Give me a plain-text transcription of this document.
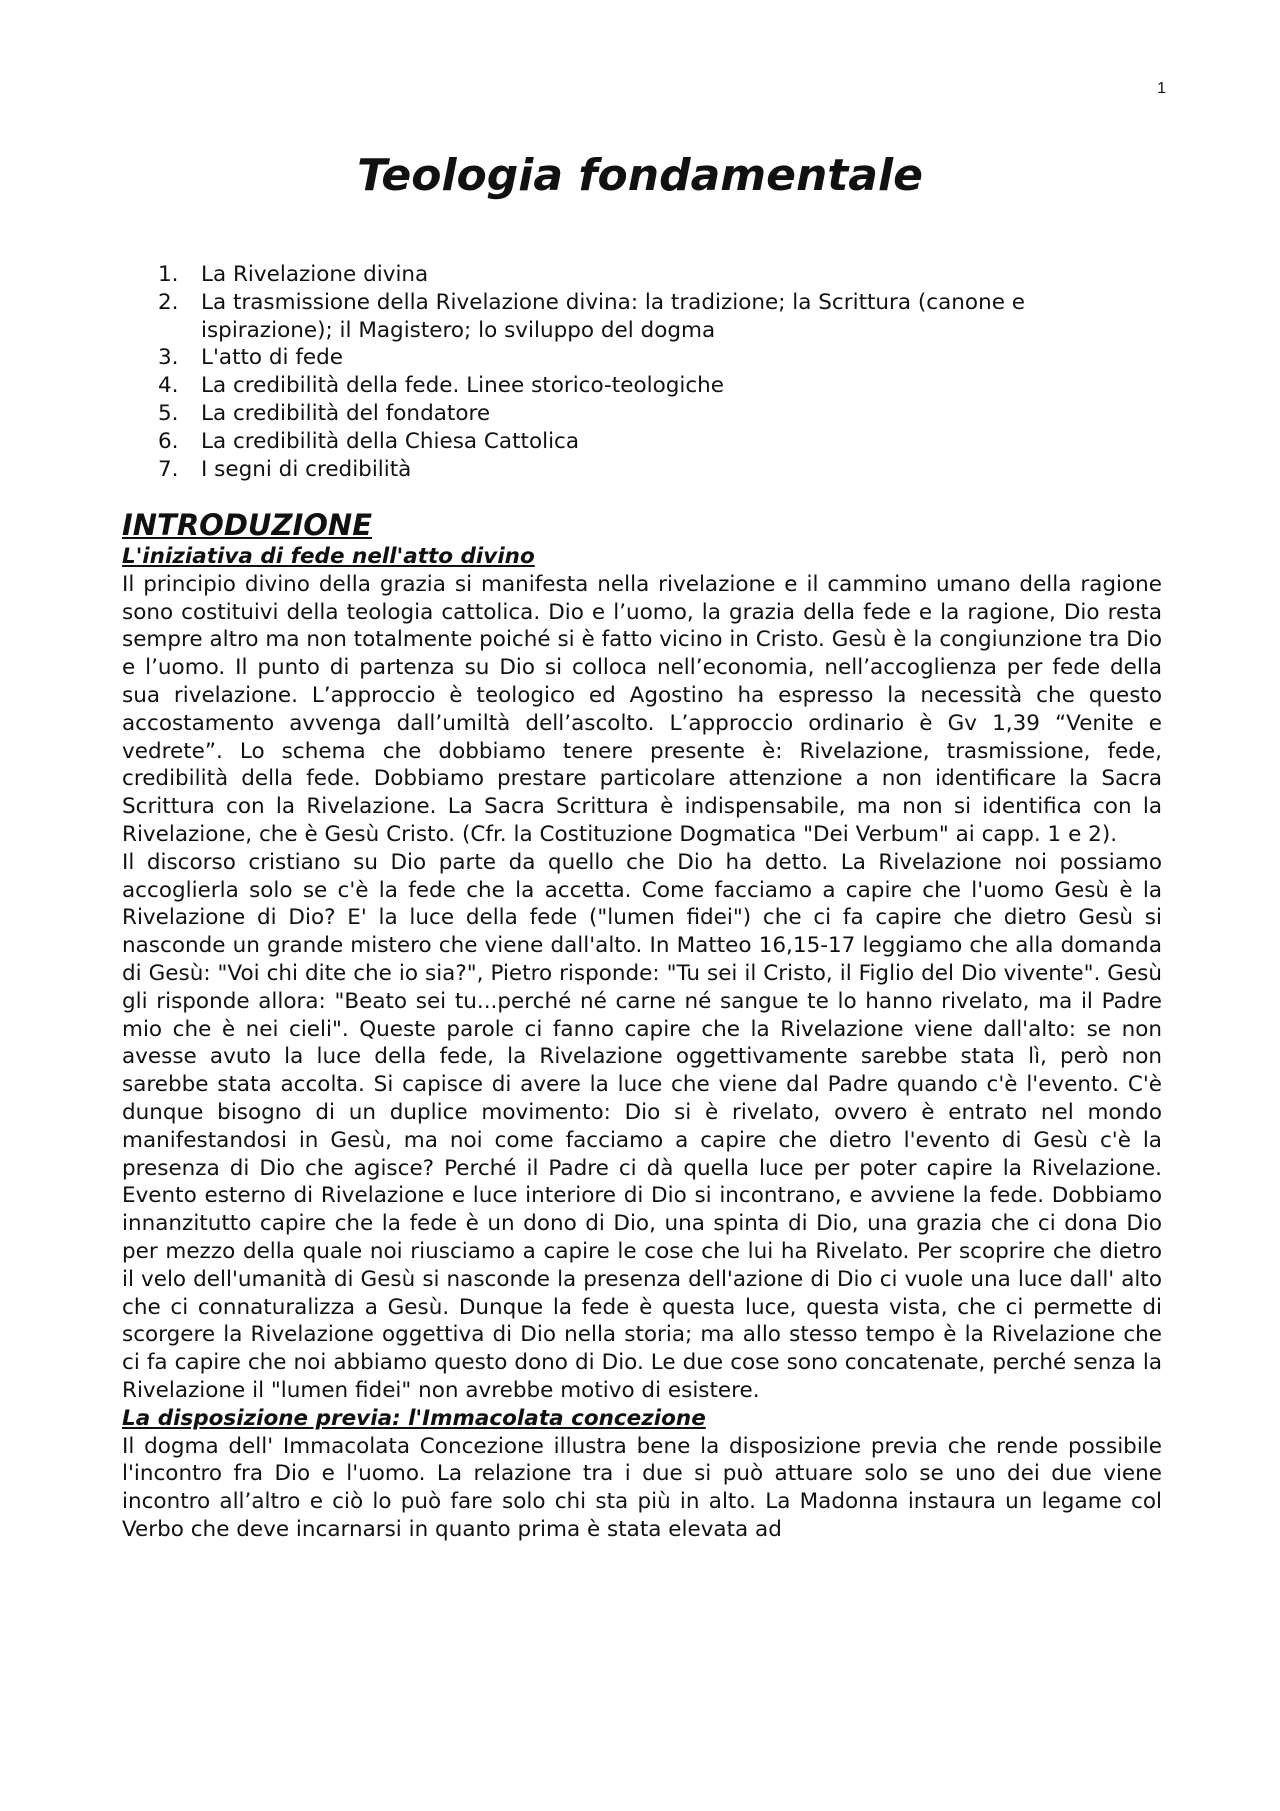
1
Teologia fondamentale
1. La Rivelazione divina
2. La trasmissione della Rivelazione divina: la tradizione; la Scrittura (canone e ispirazione); il Magistero; lo sviluppo del dogma
3. L'atto di fede
4. La credibilità della fede. Linee storico-teologiche
5. La credibilità del fondatore
6. La credibilità della Chiesa Cattolica
7. I segni di credibilità
INTRODUZIONE
L'iniziativa di fede nell'atto divino

Il principio divino della grazia si manifesta nella rivelazione e il cammino umano della ragione sono costituivi della teologia cattolica. Dio e l’uomo, la grazia della fede e la ragione, Dio resta sempre altro ma non totalmente poiché si è fatto vicino in Cristo. Gesù è la congiunzione tra Dio e l’uomo. Il punto di partenza su Dio si colloca nell’economia, nell’accoglienza per fede della sua rivelazione. L’approccio è teologico ed Agostino ha espresso la necessità che questo accostamento avvenga dall’umiltà dell’ascolto. L’approccio ordinario è Gv 1,39 “Venite e vedrete”. Lo schema che dobbiamo tenere presente è: Rivelazione, trasmissione, fede, credibilità della fede. Dobbiamo prestare particolare attenzione a non identificare la Sacra Scrittura con la Rivelazione. La Sacra Scrittura è indispensabile, ma non si identifica con la Rivelazione, che è Gesù Cristo. (Cfr. la Costituzione Dogmatica "Dei Verbum" ai capp. 1 e 2).

Il discorso cristiano su Dio parte da quello che Dio ha detto. La Rivelazione noi possiamo accoglierla solo se c'è la fede che la accetta. Come facciamo a capire che l'uomo Gesù è la Rivelazione di Dio? E' la luce della fede ("lumen fidei") che ci fa capire che dietro Gesù si nasconde un grande mistero che viene dall'alto. In Matteo 16,15-17 leggiamo che alla domanda di Gesù: "Voi chi dite che io sia?", Pietro risponde: "Tu sei il Cristo, il Figlio del Dio vivente". Gesù gli risponde allora: "Beato sei tu...perché né carne né sangue te lo hanno rivelato, ma il Padre mio che è nei cieli". Queste parole ci fanno capire che la Rivelazione viene dall'alto: se non avesse avuto la luce della fede, la Rivelazione oggettivamente sarebbe stata lì, però non sarebbe stata accolta. Si capisce di avere la luce che viene dal Padre quando c'è l'evento. C'è dunque bisogno di un duplice movimento: Dio si è rivelato, ovvero è entrato nel mondo manifestandosi in Gesù, ma noi come facciamo a capire che dietro l'evento di Gesù c'è la presenza di Dio che agisce? Perché il Padre ci dà quella luce per poter capire la Rivelazione. Evento esterno di Rivelazione e luce interiore di Dio si incontrano, e avviene la fede. Dobbiamo innanzitutto capire che la fede è un dono di Dio, una spinta di Dio, una grazia che ci dona Dio per mezzo della quale noi riusciamo a capire le cose che lui ha Rivelato. Per scoprire che dietro il velo dell'umanità di Gesù si nasconde la presenza dell'azione di Dio ci vuole una luce dall' alto che ci connaturalizza a Gesù. Dunque la fede è questa luce, questa vista, che ci permette di scorgere la Rivelazione oggettiva di Dio nella storia; ma allo stesso tempo è la Rivelazione che ci fa capire che noi abbiamo questo dono di Dio. Le due cose sono concatenate, perché senza la Rivelazione il "lumen fidei" non avrebbe motivo di esistere.

La disposizione previa: l'Immacolata concezione

Il dogma dell' Immacolata Concezione illustra bene la disposizione previa che rende possibile l'incontro fra Dio e l'uomo. La relazione tra i due si può attuare solo se uno dei due viene incontro all’altro e ciò lo può fare solo chi sta più in alto. La Madonna instaura un legame col Verbo che deve incarnarsi in quanto prima è stata elevata ad
